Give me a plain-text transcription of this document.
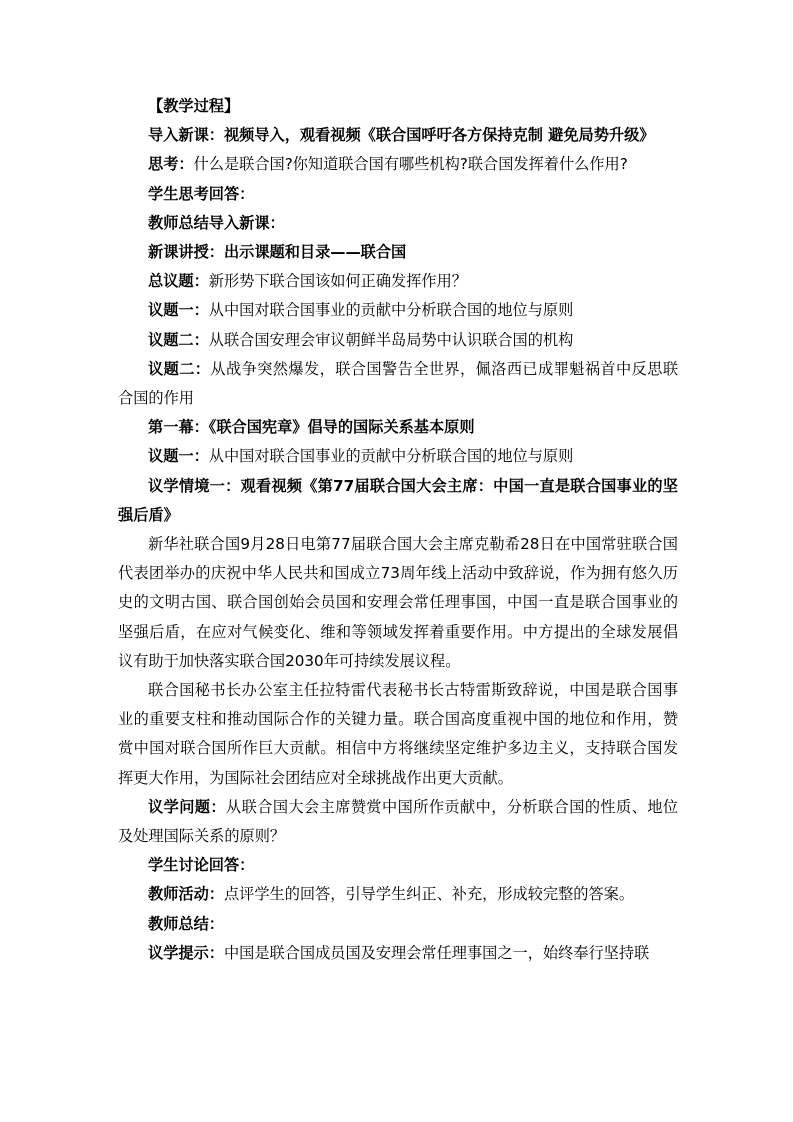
【教学过程】

导入新课：视频导入，观看视频《联合国呼吁各方保持克制 避免局势升级》

思考：什么是联合国?你知道联合国有哪些机构?联合国发挥着什么作用?

学生思考回答：

教师总结导入新课：

新课讲授：出示课题和目录——联合国

总议题：新形势下联合国该如何正确发挥作用？

议题一：从中国对联合国事业的贡献中分析联合国的地位与原则

议题二：从联合国安理会审议朝鲜半岛局势中认识联合国的机构

议题二：从战争突然爆发，联合国警告全世界，佩洛西已成罪魁祸首中反思联合国的作用

第一幕：《联合国宪章》倡导的国际关系基本原则

议题一：从中国对联合国事业的贡献中分析联合国的地位与原则

议学情境一：观看视频《第77届联合国大会主席：中国一直是联合国事业的坚强后盾》

新华社联合国9月28日电第77届联合国大会主席克勒希28日在中国常驻联合国代表团举办的庆祝中华人民共和国成立73周年线上活动中致辞说，作为拥有悠久历史的文明古国、联合国创始会员国和安理会常任理事国，中国一直是联合国事业的坚强后盾，在应对气候变化、维和等领域发挥着重要作用。中方提出的全球发展倡议有助于加快落实联合国2030年可持续发展议程。

联合国秘书长办公室主任拉特雷代表秘书长古特雷斯致辞说，中国是联合国事业的重要支柱和推动国际合作的关键力量。联合国高度重视中国的地位和作用，赞赏中国对联合国所作巨大贡献。相信中方将继续坚定维护多边主义，支持联合国发挥更大作用，为国际社会团结应对全球挑战作出更大贡献。

议学问题：从联合国大会主席赞赏中国所作贡献中，分析联合国的性质、地位及处理国际关系的原则？

学生讨论回答：

教师活动：点评学生的回答，引导学生纠正、补充，形成较完整的答案。

教师总结：

议学提示：中国是联合国成员国及安理会常任理事国之一，始终奉行坚持联
